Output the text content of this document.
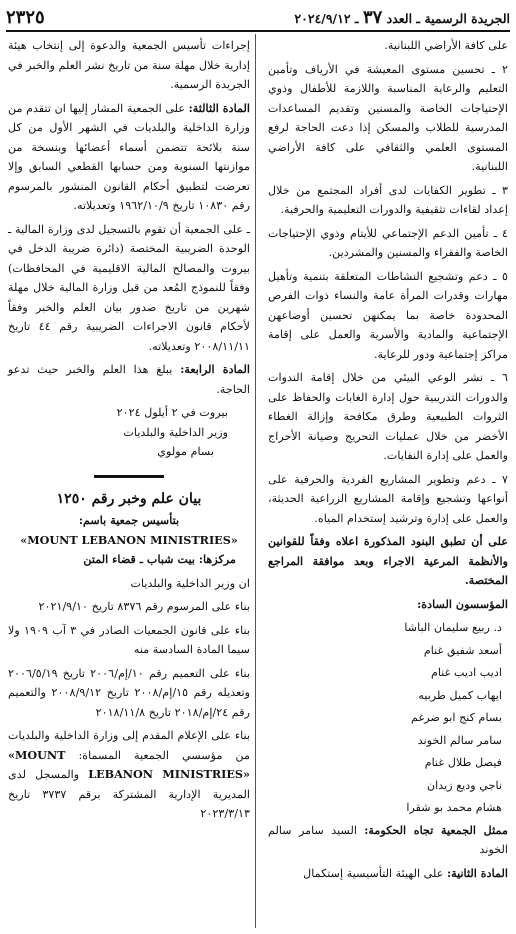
الجريدة الرسمية ـ العدد ٣٧ ـ ٢٠٢٤/٩/١٢
٢٣٢٥

على كافة الأراضي اللبنانية.

٢ ـ تحسين مستوى المعيشة في الأرياف وتأمين التعليم والرعاية المناسبة واللازمة للأطفال وذوي الإحتياجات الخاصة والمسنين وتقديم المساعدات المدرسية للطلاب والمسكن إذا دعت الحاجة لرفع المستوى العلمي والثقافي على كافة الأراضي اللبنانية.

٣ ـ تطوير الكفايات لدى أفراد المجتمع من خلال إعداد لقاءات تثقيفية والدورات التعليمية والحرفية.

٤ ـ تأمين الدعم الإجتماعي للأيتام وذوي الإحتياجات الخاصة والفقراء والمسنين والمشردين.

٥ ـ دعم وتشجيع النشاطات المتعلقة بتنمية وتأهيل مهارات وقدرات المرأة عامة والنساء ذوات الفرص المحدودة خاصة بما يمكنهن تحسين أوضاعهن الإجتماعية والمادية والأسرية والعمل على إقامة مراكز إجتماعية ودور للرعاية.

٦ ـ نشر الوعي البيئي من خلال إقامة الندوات والدورات التدريبية حول إدارة الغابات والحفاظ على الثروات الطبيعية وطرق مكافحة وإزالة الغطاء الأخضر من خلال عمليات التحريج وصيانة الأحراج والعمل على إدارة النفايات.

٧ ـ دعم وتطوير المشاريع الفردية والحرفية على أنواعها وتشجيع وإقامة المشاريع الزراعية الحديثة، والعمل على إدارة وترشيد إستخدام المياه.

على أن تطبق البنود المذكورة اعلاه وفقاً للقوانين والأنظمة المرعية الاجراء وبعد موافقة المراجع المختصة.

المؤسسون السادة:

د. ربيع سليمان الباشا
أسعد شفيق غنام
اديب اديب غنام
ايهاب كميل طربيه
بسام كنج ابو ضرغم
سامر سالم الخوند
فيصل طلال غنام
ناجي وديع زيدان
هشام محمد بو شقرا

ممثل الجمعية تجاه الحكومة: السيد سامر سالم الخوند

المادة الثانية: على الهيئة التأسيسية إستكمال

إجراءات تأسيس الجمعية والدعوة إلى إنتخاب هيئة إدارية خلال مهلة سنة من تاريخ نشر العلم والخبر في الجريدة الرسمية.

المادة الثالثة: على الجمعية المشار إليها ان تتقدم من وزارة الداخلية والبلديات في الشهر الأول من كل سنة بلائحة تتضمن أسماء أعضائها وبنسخة من موازنتها السنوية ومن حسابها القطعي السابق وإلا تعرضت لتطبيق أحكام القانون المنشور بالمرسوم رقم ١٠٨٣٠ تاريخ ١٩٦٢/١٠/٩ وتعديلاته.

ـ على الجمعية أن تقوم بالتسجيل لدى وزارة المالية ـ الوحدة الضريبية المختصة (دائرة ضريبة الدخل في بيروت والمصالح المالية الاقليمية في المحافظات) وفقاً للنموذج المُعد من قبل وزارة المالية خلال مهلة شهرين من تاريخ صدور بيان العلم والخبر وفقاً لأحكام قانون الاجراءات الضريبية رقم ٤٤ تاريخ ٢٠٠٨/١١/١١ وتعديلاته.

المادة الرابعة: يبلغ هذا العلم والخبر حيث تدعو الحاجة.

بيروت في ٢ أيلول ٢٠٢٤
وزير الداخلية والبلديات
بسام مولوي
بيان علم وخبر رقم ١٢٥٠
بتأسيس جمعية باسم:
«MOUNT LEBANON MINISTRIES»

مركزها: بيت شباب ـ قضاء المتن

ان وزير الداخلية والبلديات

بناء على المرسوم رقم ٨٣٧٦ تاريخ ٢٠٢١/٩/١٠

بناء على قانون الجمعيات الصادر في ٣ آب ١٩٠٩ ولا سيما المادة السادسة منه

بناء على التعميم رقم ١٠/إم/٢٠٠٦ تاريخ ٢٠٠٦/٥/١٩ وتعديله رقم ١٥/إم/٢٠٠٨ تاريخ ٢٠٠٨/٩/١٢ والتعميم رقم ٢٤/إم/٢٠١٨ تاريخ ٢٠١٨/١١/٨

بناء على الإعلام المقدم إلى وزارة الداخلية والبلديات من مؤسسي الجمعية المسماة: «MOUNT LEBANON MINISTRIES» والمسجل لدى المديرية الإدارية المشتركة برقم ٣٧٣٧ تاريخ ٢٠٢٣/٣/١٣
